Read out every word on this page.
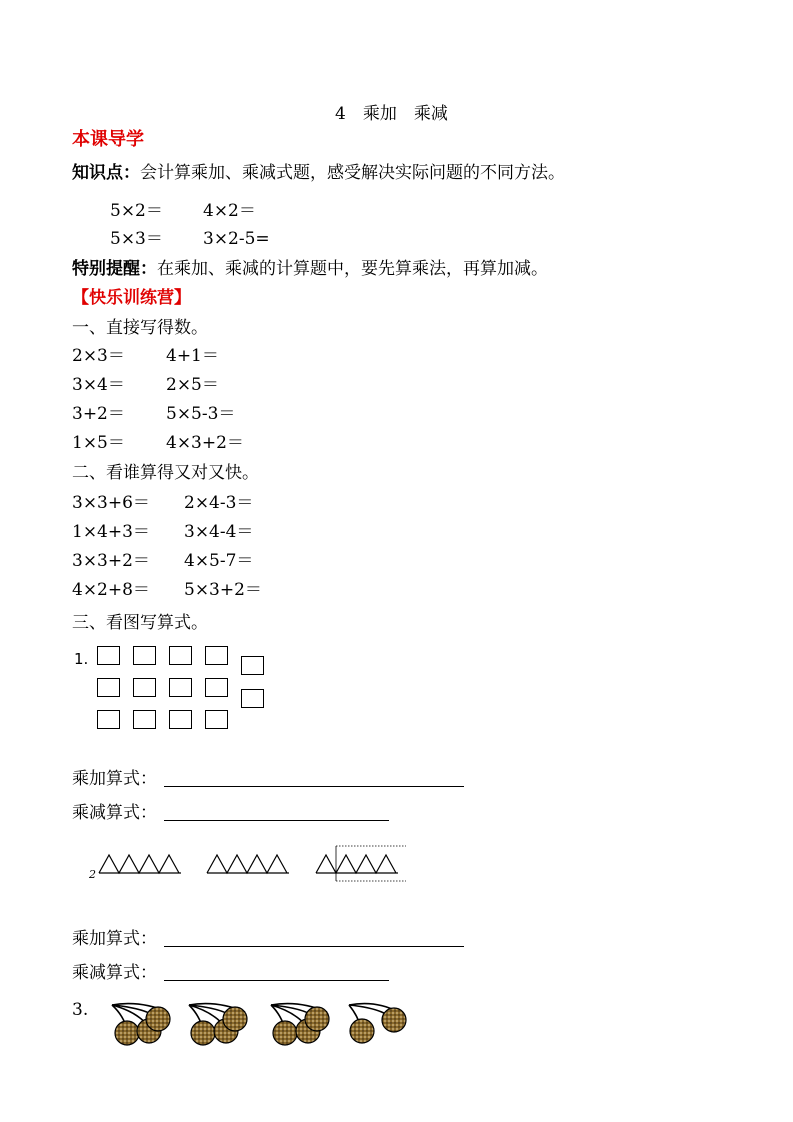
4　乘加　乘减
本课导学
知识点：会计算乘加、乘减式题，感受解决实际问题的不同方法。
5×2＝ 4×2＝
5×3＝ 3×2-5=
特别提醒：在乘加、乘减的计算题中，要先算乘法，再算加减。
【快乐训练营】
一、直接写得数。
2×3＝ 4+1＝
3×4＝ 2×5＝
3+2＝ 5×5-3＝
1×5＝ 4×3+2＝
二、看谁算得又对又快。
3×3+6＝ 2×4-3＝
1×4+3＝ 3×4-4＝
3×3+2＝ 4×5-7＝
4×2+8＝ 5×3+2＝
三、看图写算式。
1.
乘加算式：
乘减算式：
2
乘加算式：
乘减算式：
3.
